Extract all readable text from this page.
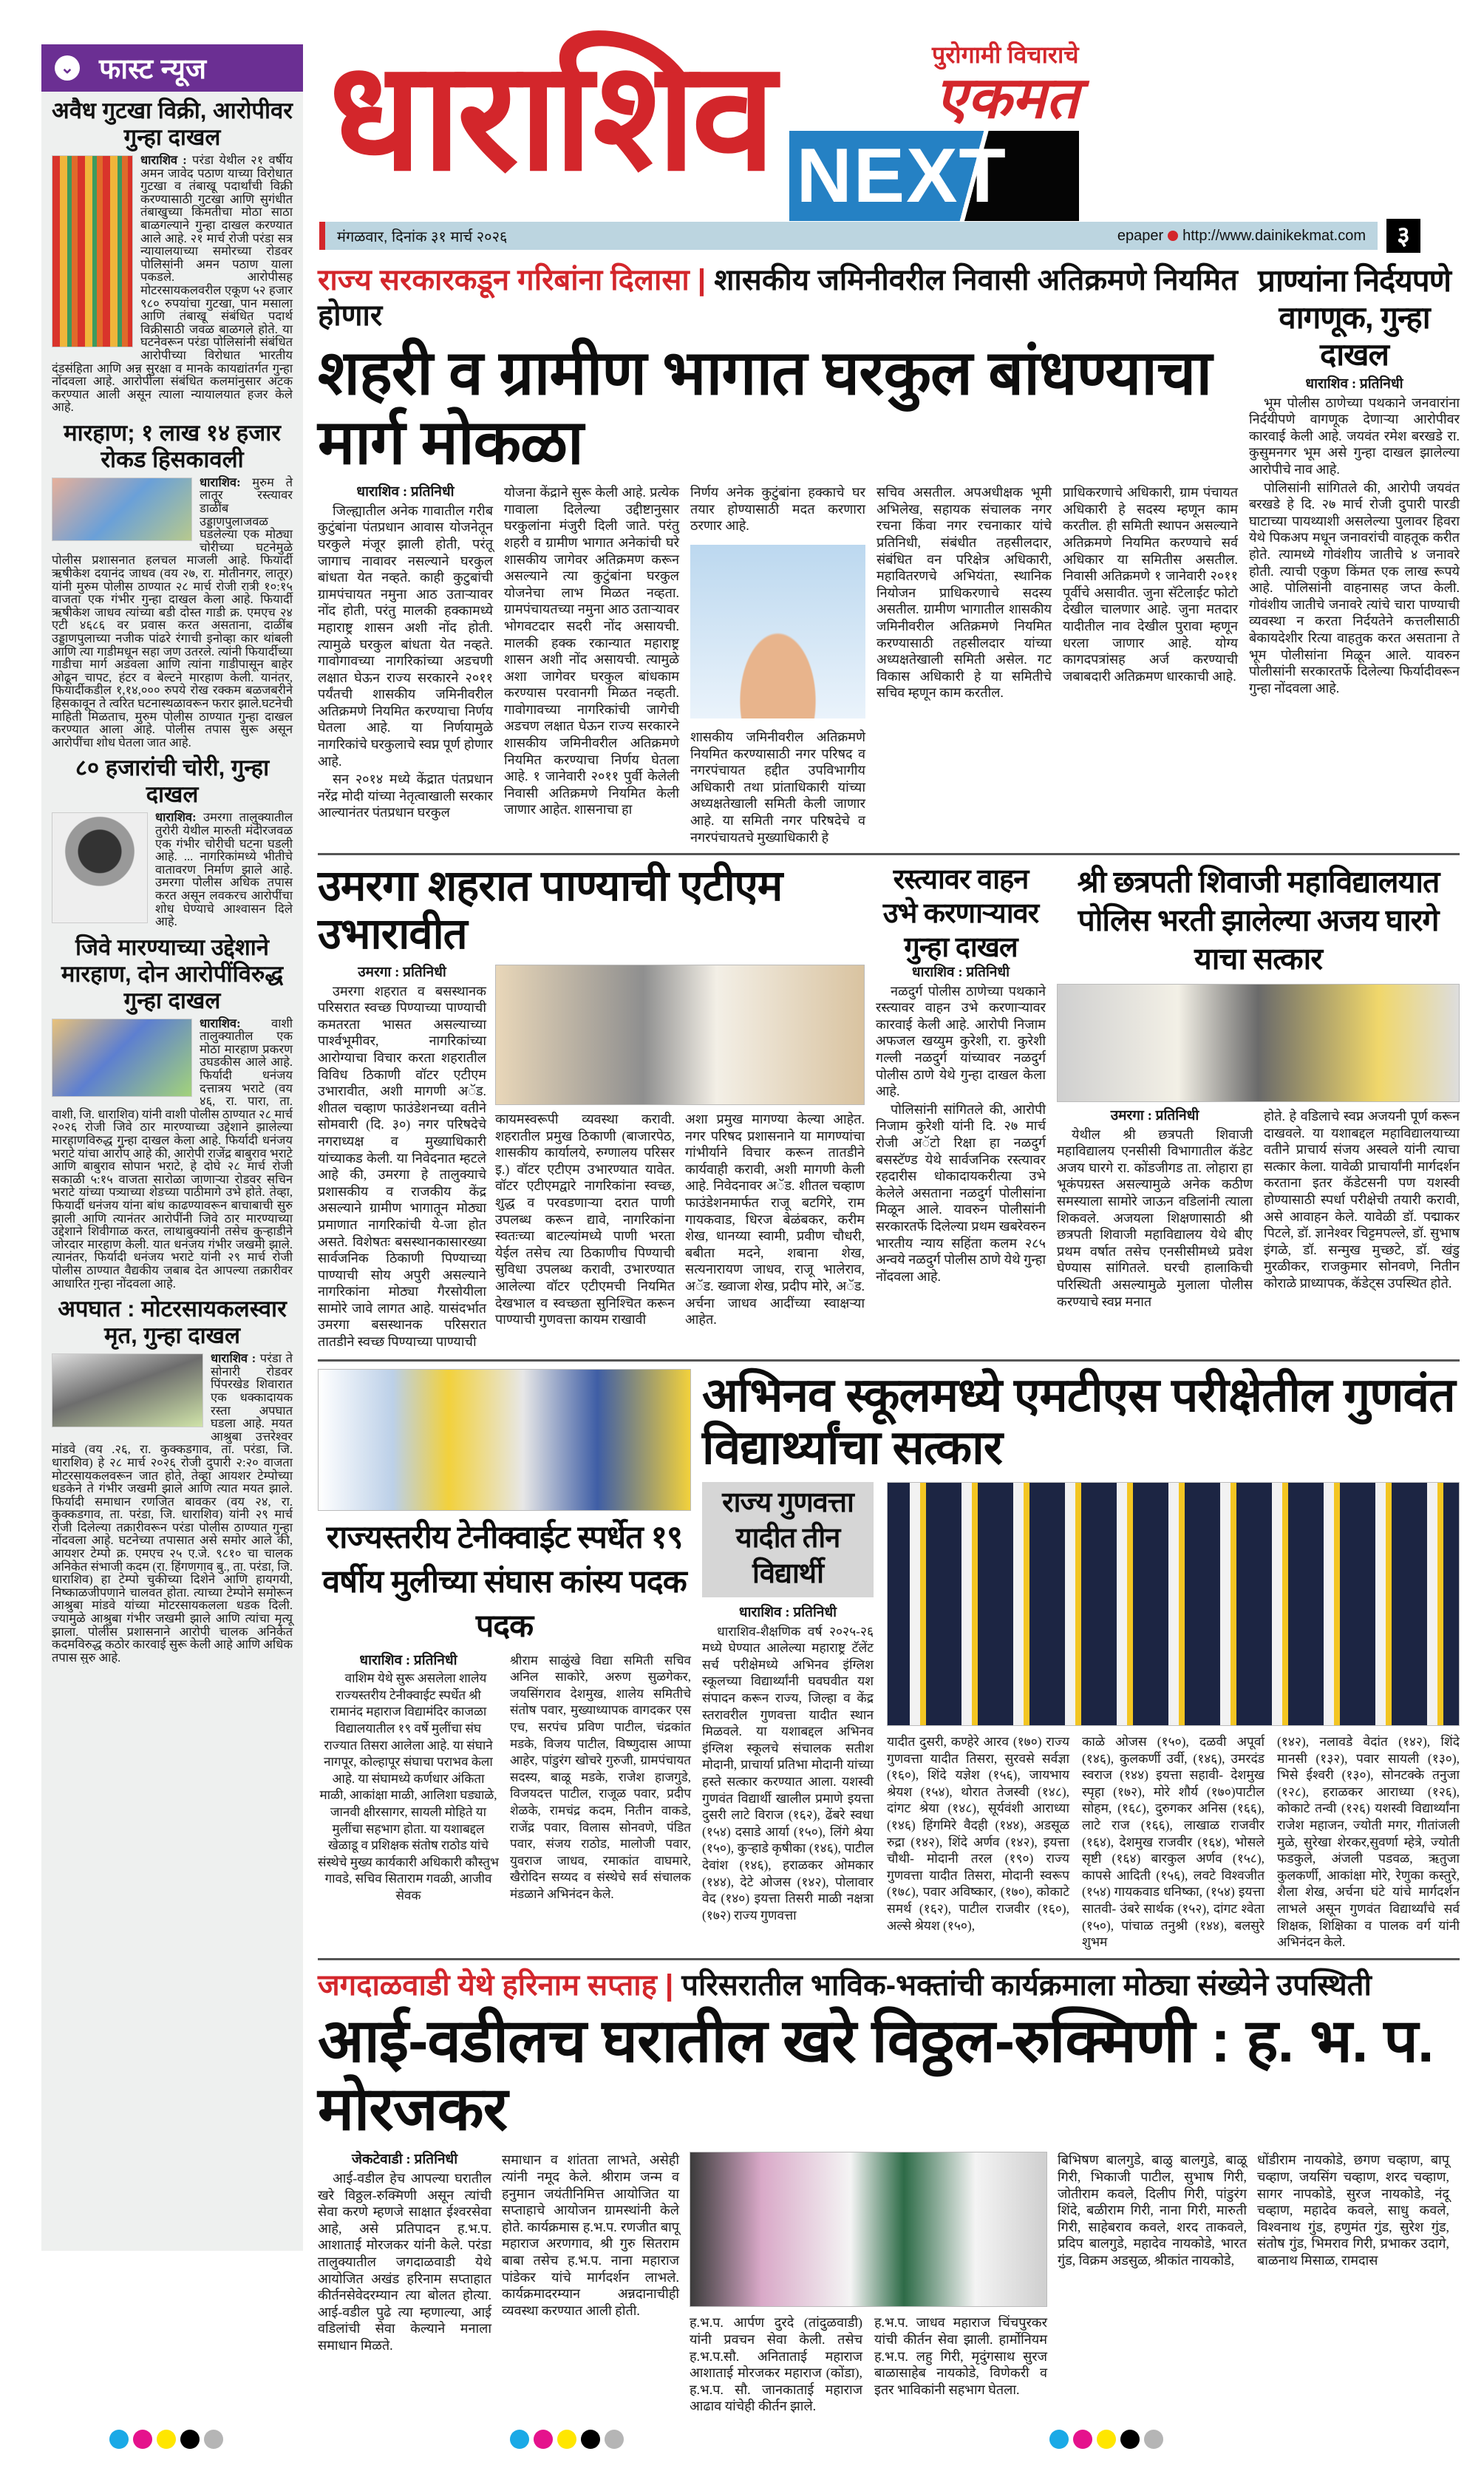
⌄ फास्ट न्यूज
अवैध गुटखा विक्री, आरोपीवर गुन्हा दाखल
धाराशिव : परंडा येथील २१ वर्षीय अमन जावेद पठाण याच्या विरोधात गुटखा व तंबाखू पदार्थांची विक्री करण्यासाठी गुटखा आणि सुगंधीत तंबाखुच्या किमतीचा मोठा साठा बाळगल्याने गुन्हा दाखल करण्यात आले आहे. २१ मार्च रोजी परंडा सत्र न्यायालयाच्या समोरच्या रोडवर पोलिसांनी अमन पठाण याला पकडले. आरोपीसह मोटरसायकलवरील एकूण ५२ हजार ९८० रुपयांचा गुटखा, पान मसाला आणि तंबाखू संबंधित पदार्थ विक्रीसाठी जवळ बाळगले होते. या घटनेवरून परंडा पोलिसांनी संबंधित आरोपीच्या विरोधात भारतीय दंडसंहिता आणि अन्न सुरक्षा व मानके कायद्यांतर्गत गुन्हा नोंदवला आहे. आरोपीला संबंधित कलमांनुसार अटक करण्यात आली असून त्याला न्यायालयात हजर केले आहे.
मारहाण; १ लाख १४ हजार रोकड हिसकावली
धाराशिव: मुरुम ते लातूर रस्त्यावर डाळींब उड्डाणपुलाजवळ घडलेल्या एक मोठ्या चोरीच्या घटनेमुळे पोलीस प्रशासनात हलचल माजली आहे. फियार्दी ऋषीकेश दयानंद जाधव (वय २७, रा. मोतीनगर, लातूर) यांनी मुरुम पोलीस ठाण्यात २८ मार्च रोजी रात्री १०:१५ वाजता एक गंभीर गुन्हा दाखल केला आहे. फियार्दी ऋषीकेश जाधव त्यांच्या बडी दोस्त गाडी क्र. एमएच २४ एटी ४६८६ वर प्रवास करत असताना, दाळींब उड्डाणपुलाच्या नजीक पांढरे रंगाची इनोव्हा कार थांबली आणि त्या गाडीमधून सहा जण उतरले. त्यांनी फियार्दीच्या गाडीचा मार्ग अडवला आणि त्यांना गाडीपासून बाहेर ओढून चापट, हंटर व बेल्टने मारहाण केली. यानंतर, फियार्दीकडील १,१४,००० रुपये रोख रक्कम बळजबरीने हिसकावून ते त्वरित घटनास्थळावरून फरार झाले.घटनेची माहिती मिळताच, मुरुम पोलीस ठाण्यात गुन्हा दाखल करण्यात आला आहे. पोलीस तपास सुरू असून आरोपींचा शोध घेतला जात आहे.
८० हजारांची चोरी, गुन्हा दाखल
धाराशिव: उमरगा तालुक्यातील तुरोरी येथील मारुती मंदीरजवळ एक गंभीर चोरीची घटना घडली आहे. ... नागरिकांमध्ये भीतीचे वातावरण निर्माण झाले आहे. उमरगा पोलीस अधिक तपास करत असून लवकरच आरोपींचा शोध घेण्याचे आश्वासन दिले आहे.
जिवे मारण्याच्या उद्देशाने मारहाण, दोन आरोपींविरुद्ध गुन्हा दाखल
धाराशिव:	वाशी तालुक्यातील एक मोठा मारहाण प्रकरण उघडकीस आले आहे. फिर्यादी धनंजय दत्तात्रय भराटे (वय ४६, रा. पारा, ता. वाशी, जि. धाराशिव) यांनी वाशी पोलीस ठाण्यात २८ मार्च २०२६ रोजी जिवे ठार मारण्याच्या उद्देशाने झालेल्या मारहाणविरुद्ध गुन्हा दाखल केला आहे. फिर्यादी धनंजय भराटे यांचा आरोप आहे की, आरोपी राजेंद्र बाबुराव भराटे आणि बाबुराव सोपान भराटे, हे दोघे २८ मार्च रोजी सकाळी ५:१५ वाजता सारोळा जाणाऱ्या रोडवर सचिन भराटे यांच्या पत्र्याच्या शेडच्या पाठीमागे उभे होते. तेव्हा, फियार्दी धनंजय यांना बांध काढण्यावरून बाचाबाची सुरु झाली आणि त्यानंतर आरोपींनी जिवे ठार मारण्याच्या उद्देशाने शिवीगाळ करत, लाथाबुक्यांनी तसेच कुऱ्हाडीने जोरदार मारहाण केली. यात धनंजय गंभीर जखमी झाले. त्यानंतर, फिर्यादी धनंजय भराटे यांनी २९ मार्च रोजी पोलीस ठाण्यात वैद्यकीय जबाब देत आपल्या तक्रारीवर आधारित गुन्हा नोंदवला आहे.
अपघात : मोटरसायकलस्वार मृत, गुन्हा दाखल
धाराशिव : परंडा ते सोनारी रोडवर पिंपरखेड शिवारात एक धक्कादायक रस्ता अपघात घडला आहे. मयत आश्रुबा उत्तरेश्वर मांडवे (वय .२६, रा. कुक्कडगाव, ता. परंडा, जि. धाराशिव) हे २८ मार्च २०२६ रोजी दुपारी २:२० वाजता मोटरसायकलवरून जात होते, तेव्हा आयशर टेम्पोच्या धडकेने ते गंभीर जखमी झाले आणि त्यात मयत झाले. फिर्यादी समाधान रणजित बावकर (वय २४, रा. कुक्कडगाव, ता. परंडा, जि. धाराशिव) यांनी २९ मार्च रोजी दिलेल्या तक्रारीवरून परंडा पोलीस ठाण्यात गुन्हा नोंदवला आहे. घटनेच्या तपासात असे समोर आले की, आयशर टेम्पो क्र. एमएच २५ ए.जे. ९८१० चा चालक अनिकेत संभाजी कदम (रा. हिंगणगाव बु., ता. परंडा, जि. धाराशिव) हा टेम्पो चुकीच्या दिशेने आणि हायगयी, निष्काळजीपणाने चालवत होता. त्याच्या टेम्पोने समोरून आश्रुबा मांडवे यांच्या मोटरसायकलला धडक दिली. ज्यामुळे आश्रुबा गंभीर जखमी झाले आणि त्यांचा मृत्यू झाला. पोलीस प्रशासनाने आरोपी चालक अनिकेत कदमविरुद्ध कठोर कारवाई सुरू केली आहे आणि अधिक तपास सुरु आहे.
धाराशिव	पुरोगामी विचाराचे
एकमत
NEXT
मंगळवार, दिनांक ३१ मार्च २०२६	epaper http://www.dainikekmat.com	३
राज्य सरकारकडून गरिबांना दिलासा | शासकीय जमिनीवरील निवासी अतिक्रमणे नियमित होणार
शहरी व ग्रामीण भागात घरकुल बांधण्याचा मार्ग मोकळा
धाराशिव : प्रतिनिधी

जिल्ह्यातील अनेक गावातील गरीब कुटुंबांना पंतप्रधान आवास योजनेतून घरकुले मंजूर झाली होती, परंतू जागाच नावावर नसल्याने घरकुल बांधता येत नव्हते. काही कुटुबांची ग्रामपंचायत नमुना आठ उताऱ्यावर नोंद होती, परंतु मालकी हक्कामध्ये महाराष्ट्र शासन अशी नोंद होती. त्यामुळे घरकुल बांधता येत नव्हते. गावोगावच्या नागरिकांच्या अडचणी लक्षात घेऊन राज्य सरकारने २०११ पर्यंतची शासकीय जमिनीवरील अतिक्रमणे नियमित करण्याचा निर्णय घेतला आहे. या निर्णयामुळे नागरिकांचे घरकुलाचे स्वप्न पूर्ण होणार आहे.

सन २०१४ मध्ये केंद्रात पंतप्रधान नरेंद्र मोदी यांच्या नेतृत्वाखाली सरकार आल्यानंतर पंतप्रधान घरकुल

योजना केंद्राने सुरू केली आहे. प्रत्येक गावाला दिलेल्या उद्दीष्टानुसार घरकुलांना मंजुरी दिली जाते. परंतु शहरी व ग्रामीण भागात अनेकांची घरे शासकीय जागेवर अतिक्रमण करून असल्याने त्या कुटुंबांना घरकुल योजनेचा लाभ मिळत नव्हता. ग्रामपंचायतच्या नमुना आठ उताऱ्यावर भोगवटदार सदरी नोंद असायची. मालकी हक्क रकान्यात महाराष्ट्र शासन अशी नोंद असायची. त्यामुळे अशा जागेवर घरकुल बांधकाम करण्यास परवानगी मिळत नव्हती. गावोगावच्या नागरिकांची जागेची अडचण लक्षात घेऊन राज्य सरकारने शासकीय जमिनीवरील अतिक्रमणे नियमित करण्याचा निर्णय घेतला आहे. १ जानेवारी २०११ पुर्वी केलेली निवासी अतिक्रमणे नियमित केली जाणार आहेत. शासनाचा हा
निर्णय अनेक कुटुंबांना हक्काचे घर तयार होण्यासाठी मदत करणारा ठरणार आहे.
शासकीय जमिनीवरील अतिक्रमणे नियमित करण्यासाठी नगर परिषद व नगरपंचायत हद्दीत उपविभागीय अधिकारी तथा प्रांताधिकारी यांच्या अध्यक्षतेखाली समिती केली जाणार आहे. या समिती नगर परिषदेचे व नगरपंचायतचे मुख्याधिकारी हे
सचिव असतील. अपअधीक्षक भूमी अभिलेख, सहायक संचालक नगर रचना किंवा नगर रचनाकार यांचे प्रतिनिधी, संबंधीत तहसीलदार, संबंधित वन परिक्षेत्र अधिकारी, महावितरणचे अभियंता, स्थानिक नियोजन प्राधिकरणाचे सदस्य असतील. ग्रामीण भागातील शासकीय जमिनीवरील अतिक्रमणे नियमित करण्यासाठी तहसीलदार यांच्या अध्यक्षतेखाली समिती असेल. गट विकास अधिकारी हे या समितीचे सचिव म्हणून काम करतील.
प्राधिकरणाचे अधिकारी, ग्राम पंचायत अधिकारी हे सदस्य म्हणून काम करतील. ही समिती स्थापन असल्याने अतिक्रमणे नियमित करण्याचे सर्व अधिकार या समितीस असतील. निवासी अतिक्रमणे १ जानेवारी २०११ पूर्वीचे असावीत. जुना सॅटेलाईट फोटो देखील चालणार आहे. जुना मतदार यादीतील नाव देखील पुरावा म्हणून धरला जाणार आहे. योग्य कागदपत्रांसह अर्ज करण्याची जबाबदारी अतिक्रमण धारकाची आहे.
प्राण्यांना निर्दयपणे वागणूक, गुन्हा दाखल
धाराशिव : प्रतिनिधी

भूम पोलीस ठाणेच्या पथकाने जनवारांना निर्दयीपणे वागणूक देणाऱ्या आरोपीवर कारवाई केली आहे. जयवंत रमेश बरखडे रा. कुसुमनगर भूम असे गुन्हा दाखल झालेल्या आरोपीचे नाव आहे.

पोलिसांनी सांगितले की, आरोपी जयवंत बरखडे हे दि. २७ मार्च रोजी दुपारी पारडी घाटाच्या पायथ्याशी असलेल्या पुलावर हिवरा येथे पिकअप मधून जनावरांची वाहतूक करीत होते. त्यामध्ये गोवंशीय जातीचे ४ जनावरे होती. त्याची एकुण किंमत एक लाख रूपये आहे. पोलिसांनी वाहनासह जप्त केली. गोवंशीय जातीचे जनावरे त्यांचे चारा पाण्याची व्यवस्था न करता निर्दयतेने कत्तलीसाठी बेकायदेशीर रित्या वाहतुक करत असताना ते भूम पोलीसांना मिळून आले. यावरुन पोलीसांनी सरकारतर्फे दिलेल्या फिर्यादीवरून गुन्हा नोंदवला आहे.

उमरगा शहरात पाण्याची एटीएम उभारावीत
उमरगा : प्रतिनिधी

उमरगा शहरात व बसस्थानक परिसरात स्वच्छ पिण्याच्या पाण्याची कमतरता भासत असल्याच्या पार्श्वभूमीवर, नागरिकांच्या आरोग्याचा विचार करता शहरातील विविध ठिकाणी वॉटर एटीएम उभारावीत, अशी मागणी अॅड. शीतल चव्हाण फाउंडेशनच्या वतीने सोमवारी (दि. ३०) नगर परिषदेचे नगराध्यक्ष व मुख्याधिकारी यांच्याकड केली. या निवेदनात म्हटले आहे की, उमरगा हे तालुक्याचे प्रशासकीय व राजकीय केंद्र असल्याने ग्रामीण भागातून मोठ्या प्रमाणात नागरिकांची ये-जा होत असते. विशेषतः बसस्थानकासारख्या सार्वजनिक ठिकाणी पिण्याच्या पाण्याची सोय अपुरी असल्याने नागरिकांना मोठ्या गैरसोयीला सामोरे जावे लागत आहे. यासंदर्भात उमरगा बसस्थानक परिसरात तातडीने स्वच्छ पिण्याच्या पाण्याची

कायमस्वरूपी व्यवस्था करावी. शहरातील प्रमुख ठिकाणी (बाजारपेठ, शासकीय कार्यालये, रुग्णालय परिसर इ.) वॉटर एटीएम उभारण्यात यावेत. वॉटर एटीएमद्वारे नागरिकांना स्वच्छ, शुद्ध व परवडणाऱ्या दरात पाणी उपलब्ध करून द्यावे, नागरिकांना स्वतःच्या बाटल्यांमध्ये पाणी भरता येईल तसेच त्या ठिकाणीच पिण्याची सुविधा उपलब्ध करावी, उभारण्यात आलेल्या वॉटर एटीएमची नियमित देखभाल व स्वच्छता सुनिश्चित करून पाण्याची गुणवत्ता कायम राखावी
अशा प्रमुख मागण्या केल्या आहेत. नगर परिषद प्रशासनाने या मागण्यांचा गांभीर्याने विचार करून तातडीने कार्यवाही करावी, अशी मागणी केली आहे. निवेदनावर अॅड. शीतल चव्हाण फाउंडेशनमार्फत राजू बटगिरे, राम गायकवाड, धिरज बेळंबकर, करीम शेख, धानय्या स्वामी, प्रवीण चौधरी, बबीता मदने, शबाना शेख, सत्यनारायण जाधव, राजू भालेराव, अॅड. ख्वाजा शेख, प्रदीप मोरे, अॅड. अर्चना जाधव आदींच्या स्वाक्षऱ्या आहेत.
रस्त्यावर वाहन उभे करणाऱ्यावर गुन्हा दाखल
धाराशिव : प्रतिनिधी

नळदुर्ग पोलीस ठाणेच्या पथकाने रस्त्यावर वाहन उभे करणाऱ्यावर कारवाई केली आहे. आरोपी निजाम अफजल खय्युम कुरेशी, रा. कुरेशी गल्ली नळदुर्ग यांच्यावर नळदुर्ग पोलीस ठाणे येथे गुन्हा दाखल केला आहे.

पोलिसांनी सांगितले की, आरोपी निजाम कुरेशी यांनी दि. २७ मार्च रोजी अॅटो रिक्षा हा नळदुर्ग बसस्टॅण्ड येथे सार्वजनिक रस्त्यावर रहदारीस धोकादायकरीत्या उभे केलेले असताना नळदुर्ग पोलीसांना मिळून आले. यावरुन पोलीसांनी सरकारतर्फे दिलेल्या प्रथम खबरेवरुन भारतीय न्याय सहिंता कलम २८५ अन्वये नळदुर्ग पोलीस ठाणे येथे गुन्हा नोंदवला आहे.

श्री छत्रपती शिवाजी महाविद्यालयात पोलिस भरती झालेल्या अजय घारगे याचा सत्कार
उमरगा : प्रतिनिधी

येथील श्री छत्रपती शिवाजी महाविद्यालय एनसीसी विभागातील कॅडेट अजय घारगे रा. कोंडजीगड ता. लोहारा हा भूकंपग्रस्त असल्यामुळे अनेक कठीण समस्याला सामोरे जाऊन वडिलांनी त्याला शिकवले. अजयला शिक्षणासाठी श्री छत्रपती शिवाजी महाविद्यालय येथे बीए प्रथम वर्षात तसेच एनसीसीमध्ये प्रवेश घेण्यास सांगितले. घरची हालाकिची परिस्थिती असल्यामुळे मुलाला पोलीस करण्याचे स्वप्न मनात

होते. हे वडिलाचे स्वप्न अजयनी पूर्ण करून दाखवले. या यशाबद्दल महाविद्यालयाच्या वतीने प्राचार्य संजय अस्वले यांनी त्याचा सत्कार केला. यावेळी प्राचार्यांनी मार्गदर्शन करताना इतर कॅडेटसनी पण यशस्वी होण्यासाठी स्पर्धा परीक्षेची तयारी करावी, असे आवाहन केले. यावेळी डॉ. पद्माकर पिटले, डॉ. ज्ञानेश्वर चिट्टमपल्ले, डॉ. सुभाष इंगळे, डॉ. सन्मुख मुच्छटे, डॉ. खंडु मुरळीकर, राजकुमार सोनवणे, नितीन कोराळे प्राध्यापक, कॅडेट्स उपस्थित होते.
राज्यस्तरीय टेनीक्वाईट स्पर्धेत १९ वर्षीय मुलीच्या संघास कांस्य पदक पदक
धाराशिव : प्रतिनिधी

वाशिम येथे सुरू असलेला शालेय राज्यस्तरीय टेनीक्वाईट स्पर्धेत श्री रामानंद महाराज विद्यामंदिर काजळा विद्यालयातील १९ वर्षे मुलींचा संघ राज्यात तिसरा आलेला आहे. या संघाने नागपूर, कोल्हापूर संघाचा पराभव केला आहे. या संघामध्ये कर्णधार अंकिता माळी, आकांक्षा माळी, आलिशा घड्याळे, जानवी क्षीरसागर, सायली मोहिते या मुलींचा सहभाग होता. या यशाबद्दल खेळाडू व प्रशिक्षक संतोष राठोड यांचे संस्थेचे मुख्य कार्यकारी अधिकारी कौस्तुभ गावडे, सचिव सिताराम गवळी, आजीव सेवक

श्रीराम साळुंखे विद्या समिती सचिव अनिल साकोरे, अरुण सुळगेकर, जयसिंगराव देशमुख, शालेय समितीचे संतोष पवार, मुख्याध्यापक वागदकर एस एच, सरपंच प्रविण पाटील, चंद्रकांत मडके, विजय पाटील, विष्णुदास आप्पा आहेर, पांडुरंग खोचरे गुरुजी, ग्रामपंचायत सदस्य, बाळू मडके, राजेश हाजगुडे, विजयदत्त पाटील, राजूळ पवार, प्रदीप शेळके, रामचंद्र कदम, नितीन वाकडे, राजेंद्र पवार, विलास सोनवणे, पंडित पवार, संजय राठोड, मालोजी पवार, युवराज जाधव, रमाकांत वाघमारे, खैरोदिन सय्यद व संस्थेचे सर्व संचालक मंडळाने अभिनंदन केले.
अभिनव स्कूलमध्ये एमटीएस परीक्षेतील गुणवंत विद्यार्थ्यांचा सत्कार
राज्य गुणवत्ता यादीत तीन विद्यार्थी
धाराशिव : प्रतिनिधी

धाराशिव-शैक्षणिक वर्ष २०२५-२६ मध्ये घेण्यात आलेल्या महाराष्ट्र टॅलेंट सर्च परीक्षेमध्ये अभिनव इंग्लिश स्कूलच्या विद्यार्थ्यांनी घवघवीत यश संपादन करून राज्य, जिल्हा व केंद्र स्तरावरील गुणवत्ता यादीत स्थान मिळवले. या यशाबद्दल अभिनव इंग्लिश स्कूलचे संचालक सतीश मोदानी, प्राचार्या प्रतिभा मोदानी यांच्या हस्ते सत्कार करण्यात आला. यशस्वी गुणवंत विद्यार्थी खालील प्रमाणे इयत्ता दुसरी लाटे विराज (१६२), ढेंबरे स्वधा (१५४) दसाडे आर्या (१५०), लिंगे श्रेया (१५०), कुऱ्हाडे कृषीका (१४६), पाटील देवांश (१४६), हराळकर ओमकार (१४४), देटे ओजस (१४२), पोलावार वेद (१४०) इयत्ता तिसरी माळी नक्षत्रा (१७२) राज्य गुणवत्ता

यादीत दुसरी, कण्हेरे आरव (१७०) राज्य गुणवत्ता यादीत तिसरा, सुरवसे सर्वज्ञा (१६०), शिंदे यज्ञेश (१५६), जायभाय श्रेयश (१५४), थोरात तेजस्वी (१४८), दांगट श्रेया (१४८), सूर्यवंशी आराध्या (१४६) हिंगमिरे वैदही (१४४), अडसूळ रुद्रा (१४२), शिंदे अर्णव (१४२), इयत्ता चौथी- मोदानी तरल (१९०) राज्य गुणवत्ता यादीत तिसरा, मोदानी स्वरूप (१७८), पवार अविष्कार, (१७०), कोकाटे समर्थ (१६२), पाटील राजवीर (१६०), अल्से श्रेयश (१५०),
काळे ओजस (१५०), दळवी अपूर्वा (१४६), कुलकर्णी उर्वी, (१४६), उमरदंड स्वराज (१४४) इयत्ता सहावी- देशमुख स्पृहा (१७२), मोरे शौर्य (१७०)पाटील सोहम, (१६८), दुरुगकर अनिस (१६६), लाटे राज (१६६), लाखाळ राजवीर (१६४), देशमुख राजवीर (१६४), भोसले सृष्टी (१६४) बारकुल अर्णव (१५८), कापसे आदिती (१५६), लवटे विश्वजीत (१५४) गायकवाड धनिष्का, (१५४) इयत्ता सातवी- उंबरे सार्थक (१५२), दांगट श्वेता (१५०), पांचाळ तनुश्री (१४४), बलसुरे शुभम
(१४२), नलावडे वेदांत (१४२), शिंदे मानसी (१३२), पवार सायली (१३०), भिसे ईश्वरी (१३०), सोनटक्के तनुजा (१२८), हराळकर आराध्या (१२६), कोकाटे तन्वी (१२६) यशस्वी विद्यार्थ्यांना राजेश महाजन, ज्योती मगर, गीतांजली मुळे, सुरेखा शेरकर,सुवर्णा म्हेत्रे, ज्योती फडकुले, अंजली पडवळ, ऋतुजा कुलकर्णी, आकांक्षा मोरे, रेणुका कस्तुरे, शैला शेख, अर्चना घंटे यांचे मार्गदर्शन लाभले असून गुणवंत विद्यार्थ्यांचे सर्व शिक्षक, शिक्षिका व पालक वर्ग यांनी अभिनंदन केले.
जगदाळवाडी येथे हरिनाम सप्ताह | परिसरातील भाविक-भक्तांची कार्यक्रमाला मोठ्या संख्येने उपस्थिती
आई-वडीलच घरातील खरे विठ्ठल-रुक्मिणी : ह. भ. प. मोरजकर
जेकटेवाडी : प्रतिनिधी

आई-वडील हेच आपल्या घरातील खरे विठ्ठल-रुक्मिणी असून त्यांची सेवा करणे म्हणजे साक्षात ईश्वरसेवा आहे, असे प्रतिपादन ह.भ.प. आशाताई मोरजकर यांनी केले. परंडा तालुक्यातील जगदाळवाडी येथे आयोजित अखंड हरिनाम सप्ताहात कीर्तनसेवेदरम्यान त्या बोलत होत्या. आई-वडील पुढे त्या म्हणाल्या, आई वडिलांची सेवा केल्याने मनाला समाधान मिळते.

समाधान व शांतता लाभते, असेही त्यांनी नमूद केले. श्रीराम जन्म व हनुमान जयंतीनिमित्त आयोजित या सप्ताहाचे आयोजन ग्रामस्थांनी केले होते. कार्यक्रमास ह.भ.प. रणजीत बापू महाराज अरणगाव, श्री गुरु सितराम बाबा तसेच ह.भ.प. नाना महाराज पांडेकर यांचे मार्गदर्शन लाभले. कार्यक्रमादरम्यान अन्नदानाचीही व्यवस्था करण्यात आली होती.
ह.भ.प. आर्पण दुरदे (तांदुळवाडी) यांनी प्रवचन सेवा केली. तसेच ह.भ.प.सौ. अनिताताई महाराज आशाताई मोरजकर महाराज (कोंडा), ह.भ.प. सौ. जानकाताई महाराज आढाव यांचेही कीर्तन झाले.
ह.भ.प. जाधव महाराज चिंचपुरकर यांची कीर्तन सेवा झाली. हार्मोनियम ह.भ.प. लहु गिरी, मृदुंगसाथ सुरज बाळासाहेब नायकोडे, विणेकरी व इतर भाविकांनी सहभाग घेतला.
बिभिषण बालगुडे, बाळु बालगुडे, बाळू गिरी, भिकाजी पाटील, सुभाष गिरी, जोतीराम कवले, दिलीप गिरी, पांडुरंग शिंदे, बळीराम गिरी, नाना गिरी, मारुती गिरी, साहेबराव कवले, शरद ताकवले, प्रदिप बालगुडे, महादेव नायकोडे, भारत गुंड, विक्रम अडसुळ, श्रीकांत नायकोडे,
धोंडीराम नायकोडे, छगण चव्हाण, बापू चव्हाण, जयसिंग चव्हाण, शरद चव्हाण, सागर नापकोडे, सुरज नायकोडे, नंदू चव्हाण, महादेव कवले, साधु कवले, विश्वनाथ गुंड, हणुमंत गुंड, सुरेश गुंड, संतोष गुंड, भिमराव गिरी, प्रभाकर उदागे, बाळनाथ मिसाळ, रामदास
